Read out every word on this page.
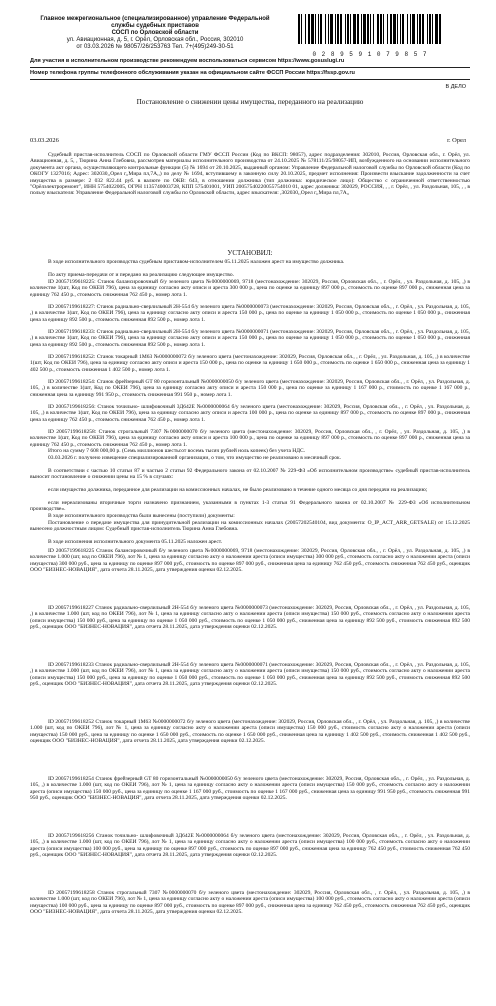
Главное межрегиональное (специализированное) управление Федеральной
службы судебных приставов
СОСП по Орловской области
ул. Авиационная, д. 5, г. Орёл, Орловская обл., Россия, 302010
от 03.03.2026 № 98057/26/253763 Тел. 7+(495)249-30-51
0 2 8 9 5 9 1 0 7 9 8 5 7
Для участия в исполнительном производстве рекомендуем воспользоваться сервисом https://www.gosuslugi.ru
Номер телефона группы телефонного обслуживания указан на официальном сайте ФССП России https://fssp.gov.ru
В ДЕЛО
Постановление о снижении цены имущества, переданного на реализацию
03.03.2026	г. Орел
Судебный пристав-исполнитель СОСП по Орловской области ГМУ ФССП России (Код по ВКСП: 98057), адрес подразделения: 302010, Россия, Орловская обл., г. Орёл, ул. Авиационная, д. 5, , Тюрина Анна Глебовна, рассмотрев материалы исполнительного производства от 24.10.2025 № 578111/25/98057-ИП, возбужденного на основании исполнительного документа акт органа, осуществляющего контрольные функции (5) № 1694 от 20.10.2025, выданный органом: Управление Федеральной налоговой службы по Орловской области (Код по ОКОГУ 1327016; Адрес: 302030,,Орел г,,Мира пл,7А,,) по делу № 1694, вступившему в законную силу 20.10.2025, предмет исполнения: Произвести взыскание задолженности за счет имущества в размере: 2 032 822.44 руб. в валюте по ОКВ: 643, в отношении должника (тип должника: юридическое лицо): Общество с ограниченной ответственностью "Орёлэлектроремонт", ИНН 5754022005, ОГРН 1135740003728, КПП 575401001, УИП 20057540220055754010 01, адрес должника: 302029, РОССИЯ, , , г. Орёл, , ул. Раздольная, 105, , , в пользу взыскателя: Управление Федеральной налоговой службы по Орловской области, адрес взыскателя: ,302030,,Орел г,,Мира пл,7А,,
УСТАНОВИЛ:
В ходе исполнительного производства судебным приставом-исполнителем 05.11.2025 наложен арест на имущество должника.
По акту приема-передачи от и передано на реализацию следующее имущество.
ID 20057199618225: Станок балансировочный б/у зеленого цвета №0000000069, 9718 (местонахождение: 302029, Россия, Орловская обл., , г. Орёл, , ул. Раздольная, д. 105, ,) в количестве 1(шт, Код по ОКЕИ 796), цена за единицу согласно акту описи и ареста 300 000 р., цена по оценке за единицу 897 000 р., стоимость по оценке 897 000 р., сниженная цена за единицу 762 450 р., стоимость сниженная 762 450 р., номер лота 1.
ID 20057199618227: Станок радиально-сверлильный 2Н-554 б/у зеленого цвета №0000000073 (местонахождение: 302029, Россия, Орловская обл., , г. Орёл, , ул. Раздольная, д. 105, ,) в количестве 1(шт, Код по ОКЕИ 796), цена за единицу согласно акту описи и ареста 150 000 р., цена по оценке за единицу 1 050 000 р., стоимость по оценке 1 050 000 р., сниженная цена за единицу 892 500 р., стоимость сниженная 892 500 р., номер лота 1.
ID 20057199618233: Станок радиально-сверлильный 2Н-554 б/у зеленого цвета №0000000071 (местонахождение: 302029, Россия, Орловская обл., , г. Орёл, , ул. Раздольная, д. 105, ,) в количестве 1(шт, Код по ОКЕИ 796), цена за единицу согласно акту описи и ареста 150 000 р., цена по оценке за единицу 1 050 000 р., стоимость по оценке 1 050 000 р., сниженная цена за единицу 892 500 р., стоимость сниженная 892 500 р., номер лота 1.
ID 20057199618252: Станок токарный 1М63 №0000000072 б/у зеленого цвета (местонахождение: 302029, Россия, Орловская обл., , г. Орёл, , ул. Раздольная, д. 105, ,) в количестве 1(шт, Код по ОКЕИ 796), цена за единицу согласно акту описи и ареста 150 000 р., цена по оценке за единицу 1 650 000 р., стоимость по оценке 1 650 000 р., сниженная цена за единицу 1 402 500 р., стоимость сниженная 1 402 500 р., номер лота 1.
ID 20057199618254: Станок фрейзерный GT 80 горизонтальный №0000000050 б/у зеленого цвета (местонахождение: 302029, Россия, Орловская обл., , г. Орёл, , ул. Раздольная, д. 105, ,) в количестве 1(шт, Код по ОКЕИ 796), цена за единицу согласно акту описи и ареста 150 000 р., цена по оценке за единицу 1 167 000 р., стоимость по оценке 1 167 000 р., сниженная цена за единицу 991 950 р., стоимость сниженная 991 950 р., номер лота 1.
ID 20057199618256: Станок точильно- шлифовочный 3Д642Е №0000000064 б/у зеленого цвета (местонахождение: 302029, Россия, Орловская обл., , г. Орёл, , ул. Раздольная, д. 105, ,) в количестве 1(шт, Код по ОКЕИ 796), цена за единицу согласно акту описи и ареста 100 000 р., цена по оценке за единицу 897 000 р., стоимость по оценке 897 000 р., сниженная цена за единицу 762 450 р., стоимость сниженная 762 450 р., номер лота 1.
ID 20057199618258: Станок строгальный 7307 №0000000070 б/у зеленого цвета (местонахождение: 302029, Россия, Орловская обл., , г. Орёл, , ул. Раздольная, д. 105, ,) в количестве 1(шт, Код по ОКЕИ 796), цена за единицу согласно акту описи и ареста 100 000 р., цена по оценке за единицу 897 000 р., стоимость по оценке 897 000 р., сниженная цена за единицу 762 450 р., стоимость сниженная 762 450 р., номер лота 1.
Итого на сумму 7 608 000,00 р. (Семь миллионов шестьсот восемь тысяч рублей ноль копеек) без учета НДС.
03.03.2026 г. получено извещение специализированной организации, о том, что имущество не реализовано в месячный срок.
В соответствии с частью 10 статьи 87 и частью 2 статьи 92 Федерального закона от 02.10.2007 № 229-ФЗ «Об исполнительном производстве» судебный пристав-исполнитель выносит постановление о снижении цены на 15 % в случаях:
если имущество должника, переданное для реализации на комиссионных началах, не было реализовано в течение одного месяца со дня передачи на реализацию;
если нереализованы вторичные торги назначено признанием, указанными в пунктах 1-3 статьи 91 Федерального закона от 02.10.2007 № 229-ФЗ «Об исполнительном производстве».
В ходе исполнительного производства были вынесены (поступили) документы:
Постановление о передаче имущества для принудительной реализации на комиссионных началах (20057202540104, вид документа: O_IP_ACT_ARR_GETSALE) от 15.12.2025 вынесено должностным лицом: Судебный пристав-исполнитель Тюрина Анна Глебовна.
В ходе исполнения исполнительного документа 05.11.2025 наложен арест.
ID 20057199618225 Станок балансировочный б/у зеленого цвета №0000000069, 9718 (местонахождение: 302029, Россия, Орловская обл., , г. Орёл, , ул. Раздольная, д. 105, ,) в количестве 1.000 (шт, код по ОКЕИ 796), лот № 1, цена за единицу согласно акту о наложении ареста (описи имущества) 300 000 руб., стоимость согласно акту о наложении ареста (описи имущества) 300 000 руб., цена за единицу по оценке 897 000 руб., стоимость по оценке 897 000 руб., сниженная цена за единицу 762 450 руб., стоимость сниженная 762 450 руб., оценщик ООО "БИЗНЕС-НОВАЦИЯ", дата отчета 28.11.2025, дата утверждения оценки 02.12.2025.
ID 20057199618227 Станок радиально-сверлильный 2Н-554 б/у зеленого цвета №0000000073 (местонахождение: 302029, Россия, Орловская обл., , г. Орёл, , ул. Раздольная, д. 105, ,) в количестве 1.000 (шт, код по ОКЕИ 796), лот № 1, цена за единицу согласно акту о наложении ареста (описи имущества) 150 000 руб., стоимость согласно акту о наложении ареста (описи имущества) 150 000 руб., цена за единицу по оценке 1 050 000 руб., стоимость по оценке 1 050 000 руб., сниженная цена за единицу 892 500 руб., стоимость сниженная 892 500 руб., оценщик ООО "БИЗНЕС-НОВАЦИЯ", дата отчета 28.11.2025, дата утверждения оценки 02.12.2025.
ID 20057199618233 Станок радиально-сверлильный 2Н-554 б/у зеленого цвета №0000000071 (местонахождение: 302029, Россия, Орловская обл., , г. Орёл, , ул. Раздольная, д. 105, ,) в количестве 1.000 (шт, код по ОКЕИ 796), лот № 1, цена за единицу согласно акту о наложении ареста (описи имущества) 150 000 руб., стоимость согласно акту о наложении ареста (описи имущества) 150 000 руб., цена за единицу по оценке 1 050 000 руб., стоимость по оценке 1 050 000 руб., сниженная цена за единицу 892 500 руб., стоимость сниженная 892 500 руб., оценщик ООО "БИЗНЕС-НОВАЦИЯ", дата отчета 28.11.2025, дата утверждения оценки 02.12.2025.
ID 20057199618252 Станок токарный 1М63 №0000000072 б/у зеленого цвета (местонахождение: 302029, Россия, Орловская обл., , г. Орёл, , ул. Раздольная, д. 105, ,) в количестве 1.000 (шт, код по ОКЕИ 796), лот № 1, цена за единицу согласно акту о наложении ареста (описи имущества) 150 000 руб., стоимость согласно акту о наложении ареста (описи имущества) 150 000 руб., цена за единицу по оценке 1 650 000 руб., стоимость по оценке 1 650 000 руб., сниженная цена за единицу 1 402 500 руб., стоимость сниженная 1 402 500 руб., оценщик ООО "БИЗНЕС-НОВАЦИЯ", дата отчета 28.11.2025, дата утверждения оценки 02.12.2025.
ID 20057199618254 Станок фрейзерный GT 80 горизонтальный №0000000050 б/у зеленого цвета (местонахождение: 302029, Россия, Орловская обл., , г. Орёл, , ул. Раздольная, д. 105, ,) в количестве 1.000 (шт, код по ОКЕИ 796), лот № 1, цена за единицу согласно акту о наложении ареста (описи имущества) 150 000 руб., стоимость согласно акту о наложении ареста (описи имущества) 150 000 руб., цена за единицу по оценке 1 167 000 руб., стоимость по оценке 1 167 000 руб., сниженная цена за единицу 991 950 руб., стоимость сниженная 991 950 руб., оценщик ООО "БИЗНЕС-НОВАЦИЯ", дата отчета 28.11.2025, дата утверждения оценки 02.12.2025.
ID 20057199618256 Станок точильно- шлифовочный 3Д642Е №0000000064 б/у зеленого цвета (местонахождение: 302029, Россия, Орловская обл., , г. Орёл, , ул. Раздольная, д. 105, ,) в количестве 1.000 (шт, код по ОКЕИ 796), лот № 1, цена за единицу согласно акту о наложении ареста (описи имущества) 100 000 руб., стоимость согласно акту о наложении ареста (описи имущества) 100 000 руб., цена за единицу по оценке 897 000 руб., стоимость по оценке 897 000 руб., сниженная цена за единицу 762 450 руб., стоимость сниженная 762 450 руб., оценщик ООО "БИЗНЕС-НОВАЦИЯ", дата отчета 28.11.2025, дата утверждения оценки 02.12.2025.
ID 20057199618258 Станок строгальный 7307 №0000000070 б/у зеленого цвета (местонахождение: 302029, Россия, Орловская обл., , г. Орёл, , ул. Раздольная, д. 105, ,) в количестве 1.000 (шт, код по ОКЕИ 796), лот № 1, цена за единицу согласно акту о наложении ареста (описи имущества) 100 000 руб., стоимость согласно акту о наложении ареста (описи имущества) 100 000 руб., цена за единицу по оценке 897 000 руб., стоимость по оценке 897 000 руб., сниженная цена за единицу 762 450 руб., стоимость сниженная 762 450 руб., оценщик ООО "БИЗНЕС-НОВАЦИЯ", дата отчета 28.11.2025, дата утверждения оценки 02.12.2025.
